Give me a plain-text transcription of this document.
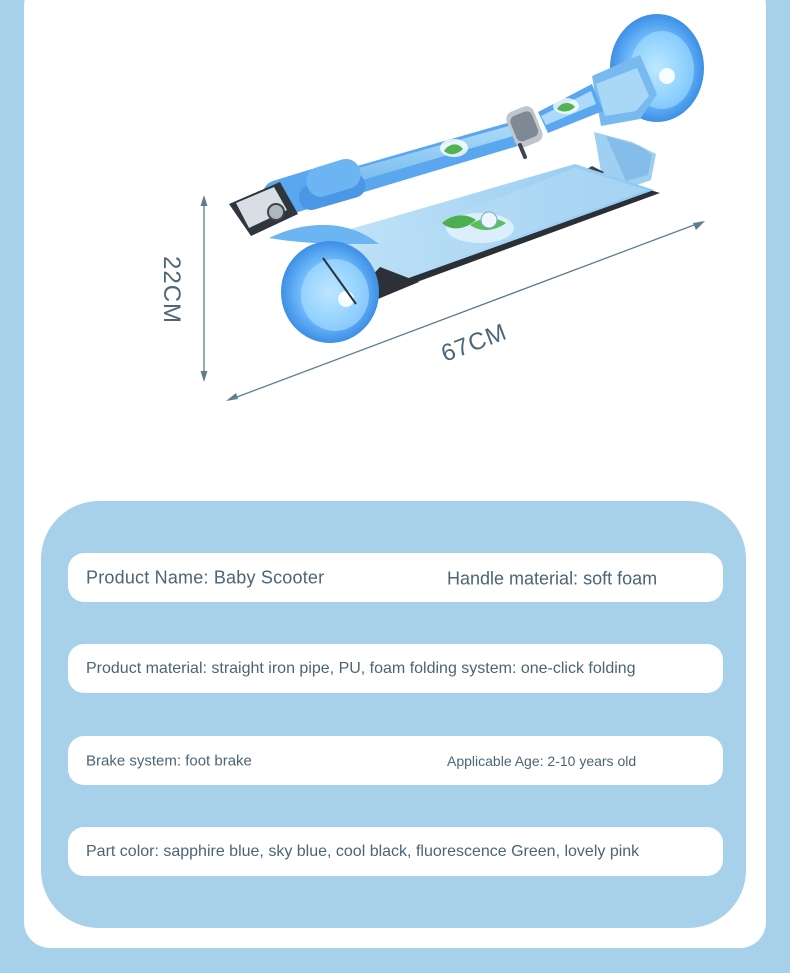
22CM
67CM
Product Name: Baby Scooter	Handle material: soft foam
Product material: straight iron pipe, PU, foam folding system: one-click folding
Brake system: foot brake	Applicable Age: 2-10 years old
Part color: sapphire blue, sky blue, cool black, fluorescence Green, lovely pink
